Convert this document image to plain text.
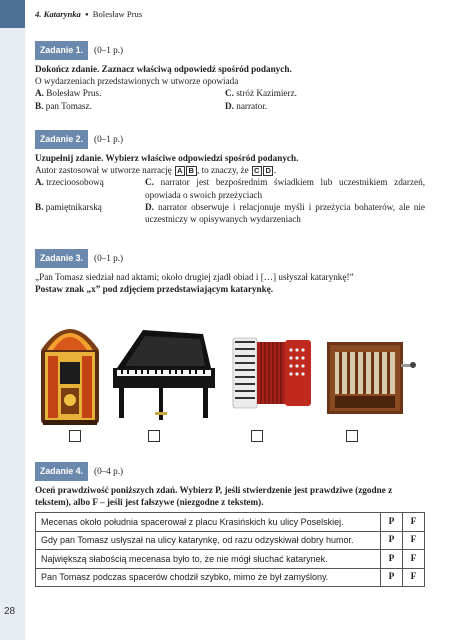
4. Katarynka ● Bolesław Prus
Zadanie 1.	(0–1 p.)
Dokończ zdanie. Zaznacz właściwą odpowiedź spośród podanych.
O wydarzeniach przedstawionych w utworze opowiada
A. Bolesław Prus.	C. stróż Kazimierz.
B. pan Tomasz.	D. narrator.
Zadanie 2.	(0–1 p.)
Uzupełnij zdanie. Wybierz właściwe odpowiedzi spośród podanych.
Autor zastosował w utworze narrację A B , to znaczy, że C D .
A. trzecioosobową	C. narrator jest bezpośrednim świadkiem lub uczestnikiem zdarzeń, opowiada o swoich przeżyciach
B. pamiętnikarską	D. narrator obserwuje i relacjonuje myśli i przeżycia bohaterów, ale nie uczestniczy w opisywanych wydarzeniach
Zadanie 3.	(0–1 p.)
„Pan Tomasz siedział nad aktami; około drugiej zjadł obiad i […] usłyszał katarynkę!”
Postaw znak „x” pod zdjęciem przedstawiającym katarynkę.
Zadanie 4.	(0–4 p.)
Oceń prawdziwość poniższych zdań. Wybierz P, jeśli stwierdzenie jest prawdziwe (zgodne z tekstem), albo F – jeśli jest fałszywe (niezgodne z tekstem).
Mecenas około południa spacerował z placu Krasińskich ku ulicy Poselskiej.	P	F
Gdy pan Tomasz usłyszał na ulicy katarynkę, od razu odzyskiwał dobry humor.	P	F
Największą słabością mecenasa było to, że nie mógł słuchać katarynek.	P	F
Pan Tomasz podczas spacerów chodził szybko, mimo że był zamyślony.	P	F
28
